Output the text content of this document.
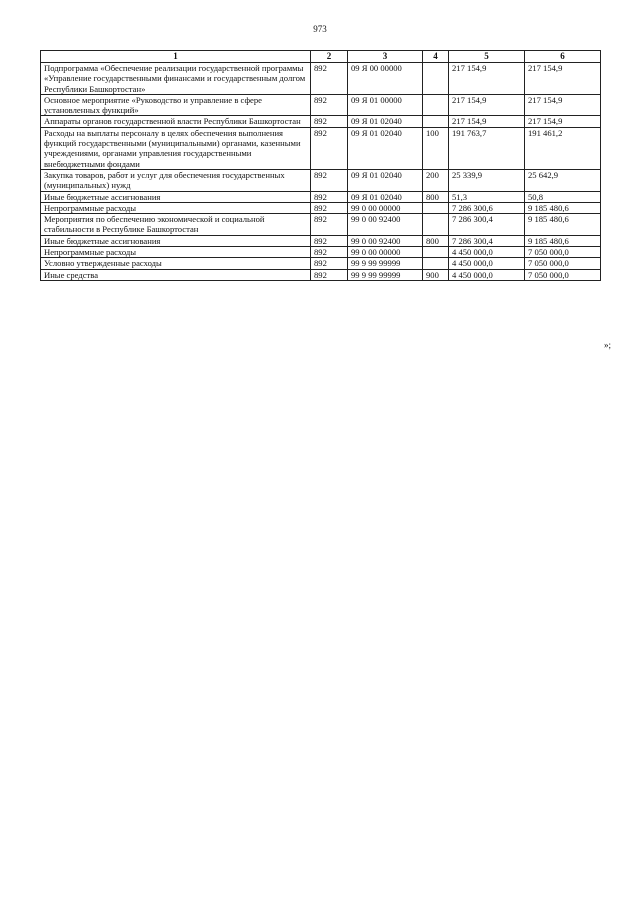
973
1	2	3	4	5	6
Подпрограмма «Обеспечение реализации государственной программы «Управление государственными финансами и государственным долгом Республики Башкортостан»	892	09 Я 00 00000		217 154,9	217 154,9
Основное мероприятие «Руководство и управление в сфере установленных функций»	892	09 Я 01 00000		217 154,9	217 154,9
Аппараты органов государственной власти Республики Башкортостан	892	09 Я 01 02040		217 154,9	217 154,9
Расходы на выплаты персоналу в целях обеспечения выполнения функций государственными (муниципальными) органами, казенными учреждениями, органами управления государственными внебюджетными фондами	892	09 Я 01 02040	100	191 763,7	191 461,2
Закупка товаров, работ и услуг для обеспечения государственных (муниципальных) нужд	892	09 Я 01 02040	200	25 339,9	25 642,9
Иные бюджетные ассигнования	892	09 Я 01 02040	800	51,3	50,8
Непрограммные расходы	892	99 0 00 00000		7 286 300,6	9 185 480,6
Мероприятия по обеспечению экономической и социальной стабильности в Республике Башкортостан	892	99 0 00 92400		7 286 300,4	9 185 480,6
Иные бюджетные ассигнования	892	99 0 00 92400	800	7 286 300,4	9 185 480,6
Непрограммные расходы	892	99 0 00 00000		4 450 000,0	7 050 000,0
Условно утвержденные расходы	892	99 9 99 99999		4 450 000,0	7 050 000,0
Иные средства	892	99 9 99 99999	900	4 450 000,0	7 050 000,0
»;
